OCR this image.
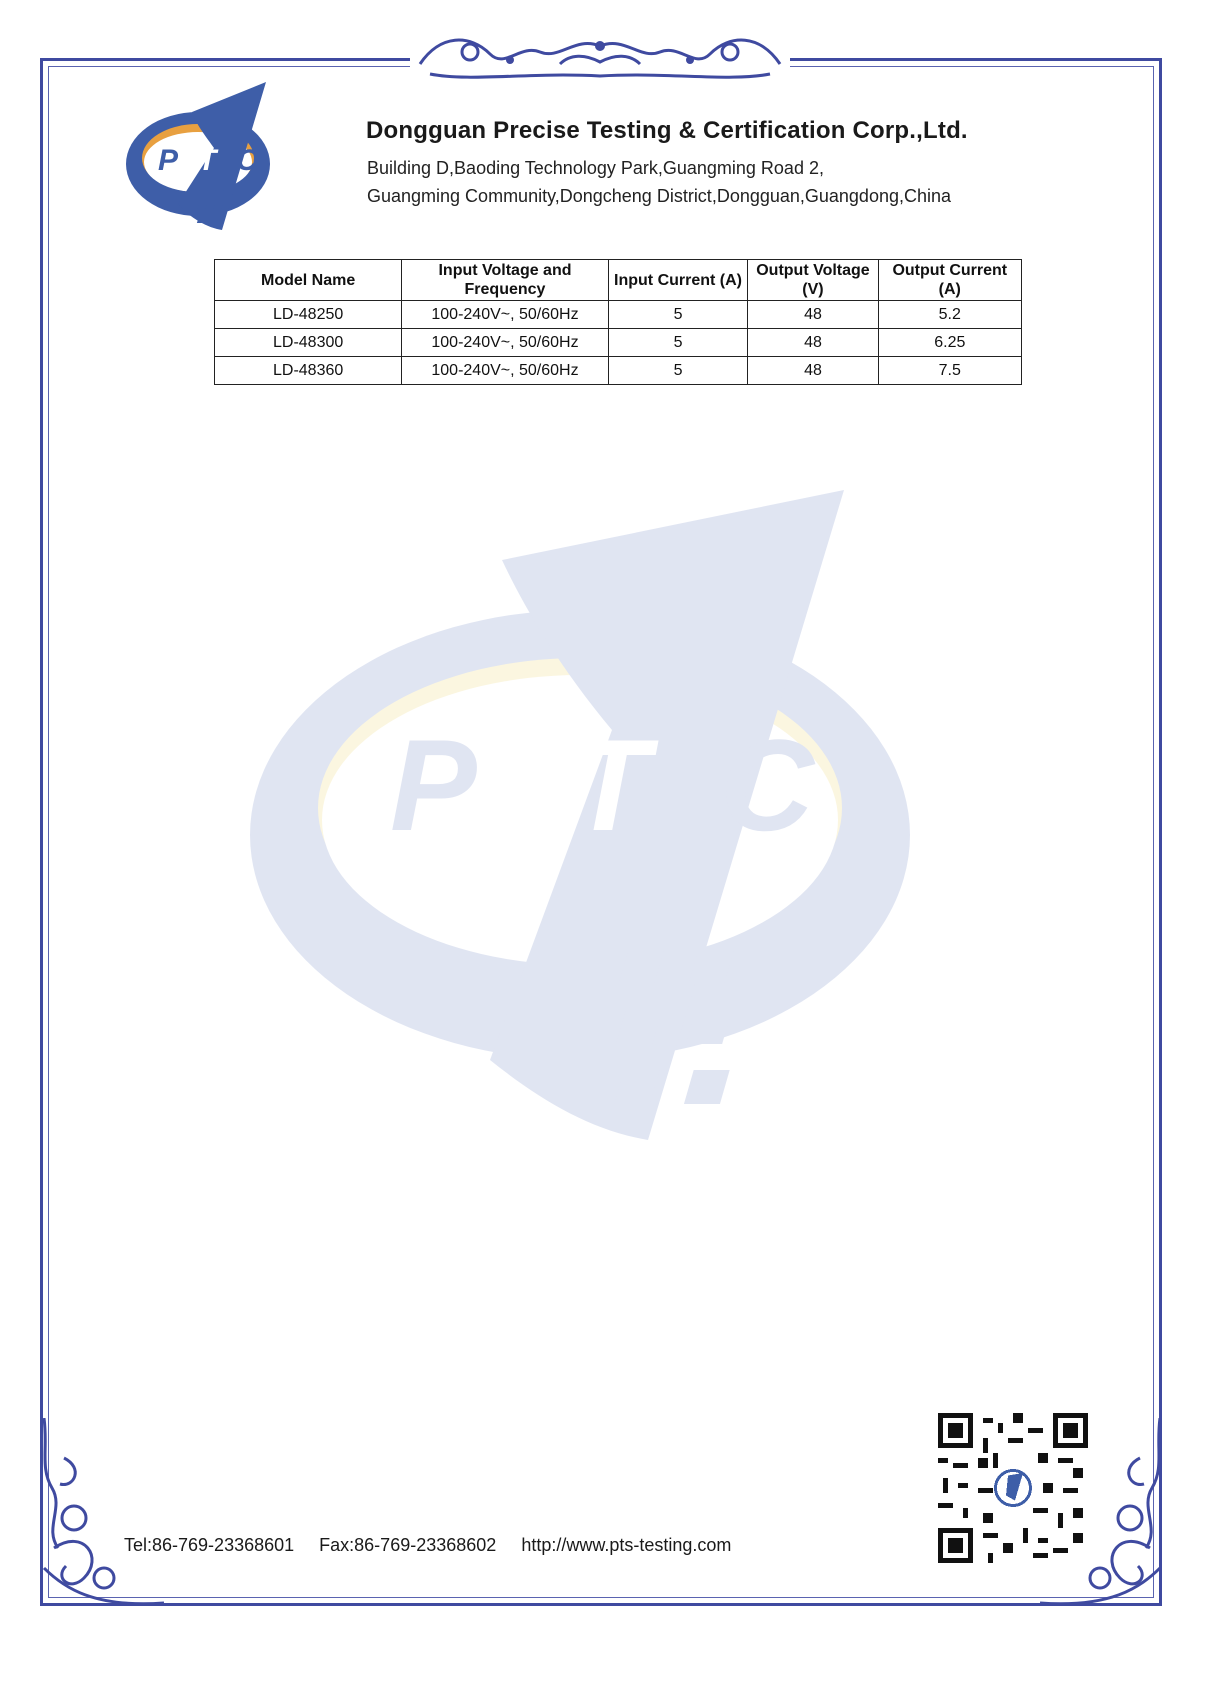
P T C
Dongguan Precise Testing & Certification Corp.,Ltd.
Building D,Baoding Technology Park,Guangming Road 2,
Guangming Community,Dongcheng District,Dongguan,Guangdong,China
Model Name	Input Voltage and Frequency	Input Current (A)	Output Voltage (V)	Output Current (A)
LD-48250	100-240V~, 50/60Hz	5	48	5.2
LD-48300	100-240V~, 50/60Hz	5	48	6.25
LD-48360	100-240V~, 50/60Hz	5	48	7.5
P T C
Tel:86-769-23368601 Fax:86-769-23368602 http://www.pts-testing.com
